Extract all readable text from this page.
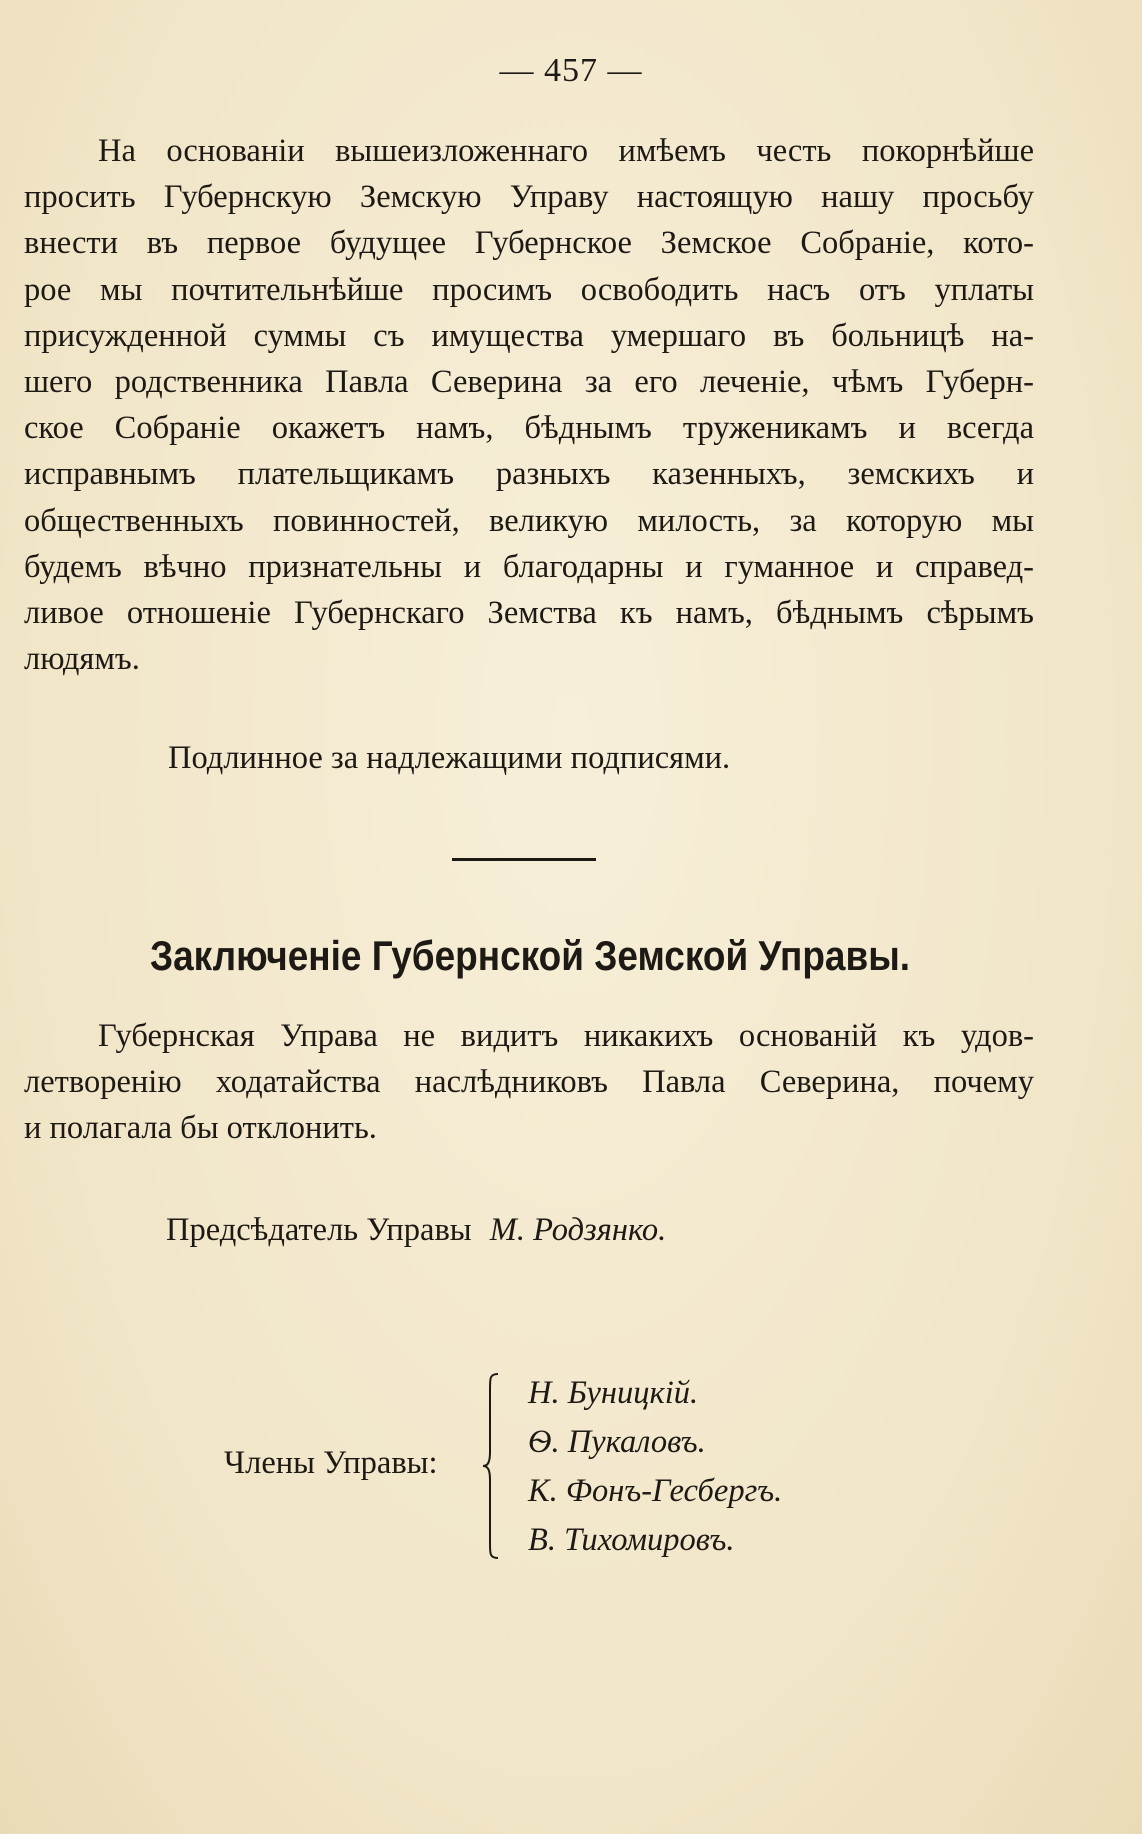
— 457 —
На основаніи вышеизложеннаго имѣемъ честь покорнѣйше
просить Губернскую Земскую Управу настоящую нашу просьбу
внести въ первое будущее Губернское Земское Собраніе, кото-
рое мы почтительнѣйше просимъ освободить насъ отъ уплаты
присужденной суммы съ имущества умершаго въ больницѣ на-
шего родственника Павла Северина за его леченіе, чѣмъ Губерн-
ское Собраніе окажетъ намъ, бѣднымъ труженикамъ и всегда
исправнымъ плательщикамъ разныхъ казенныхъ, земскихъ и
общественныхъ повинностей, великую милость, за которую мы
будемъ вѣчно признательны и благодарны и гуманное и справед-
ливое отношеніе Губернскаго Земства къ намъ, бѣднымъ сѣрымъ
людямъ.
Подлинное за надлежащими подписями.
Заключеніе Губернской Земской Управы.
Губернская Управа не видитъ никакихъ основаній къ удов-
летворенію ходатайства наслѣдниковъ Павла Северина, почему
и полагала бы отклонить.
Предсѣдатель Управы М. Родзянко.
Члены Управы:
Н. Буницкій.
Ѳ. Пукаловъ.
К. Фонъ-Гесбергъ.
В. Тихомировъ.
